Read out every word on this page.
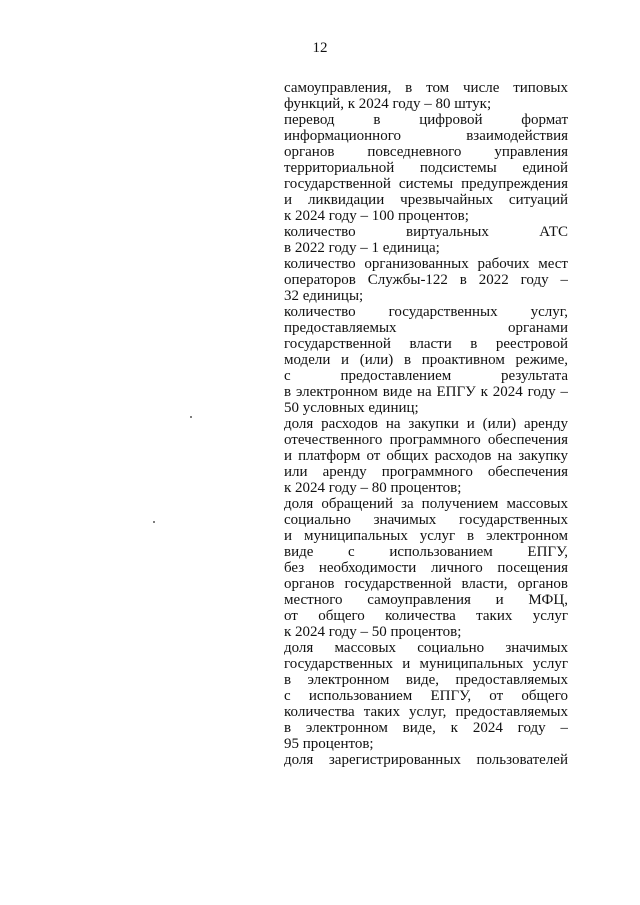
12
самоуправления, в том числе типовых
функций, к 2024 году – 80 штук;
перевод в цифровой формат
информационного взаимодействия
органов повседневного управления
территориальной подсистемы единой
государственной системы предупреждения
и ликвидации чрезвычайных ситуаций
к 2024 году – 100 процентов;
количество виртуальных АТС
в 2022 году – 1 единица;
количество организованных рабочих мест
операторов Службы-122 в 2022 году –
32 единицы;
количество государственных услуг,
предоставляемых органами
государственной власти в реестровой
модели и (или) в проактивном режиме,
с предоставлением результата
в электронном виде на ЕПГУ к 2024 году –
50 условных единиц;
доля расходов на закупки и (или) аренду
отечественного программного обеспечения
и платформ от общих расходов на закупку
или аренду программного обеспечения
к 2024 году – 80 процентов;
доля обращений за получением массовых
социально значимых государственных
и муниципальных услуг в электронном
виде с использованием ЕПГУ,
без необходимости личного посещения
органов государственной власти, органов
местного самоуправления и МФЦ,
от общего количества таких услуг
к 2024 году – 50 процентов;
доля массовых социально значимых
государственных и муниципальных услуг
в электронном виде, предоставляемых
с использованием ЕПГУ, от общего
количества таких услуг, предоставляемых
в электронном виде, к 2024 году –
95 процентов;
доля зарегистрированных пользователей
